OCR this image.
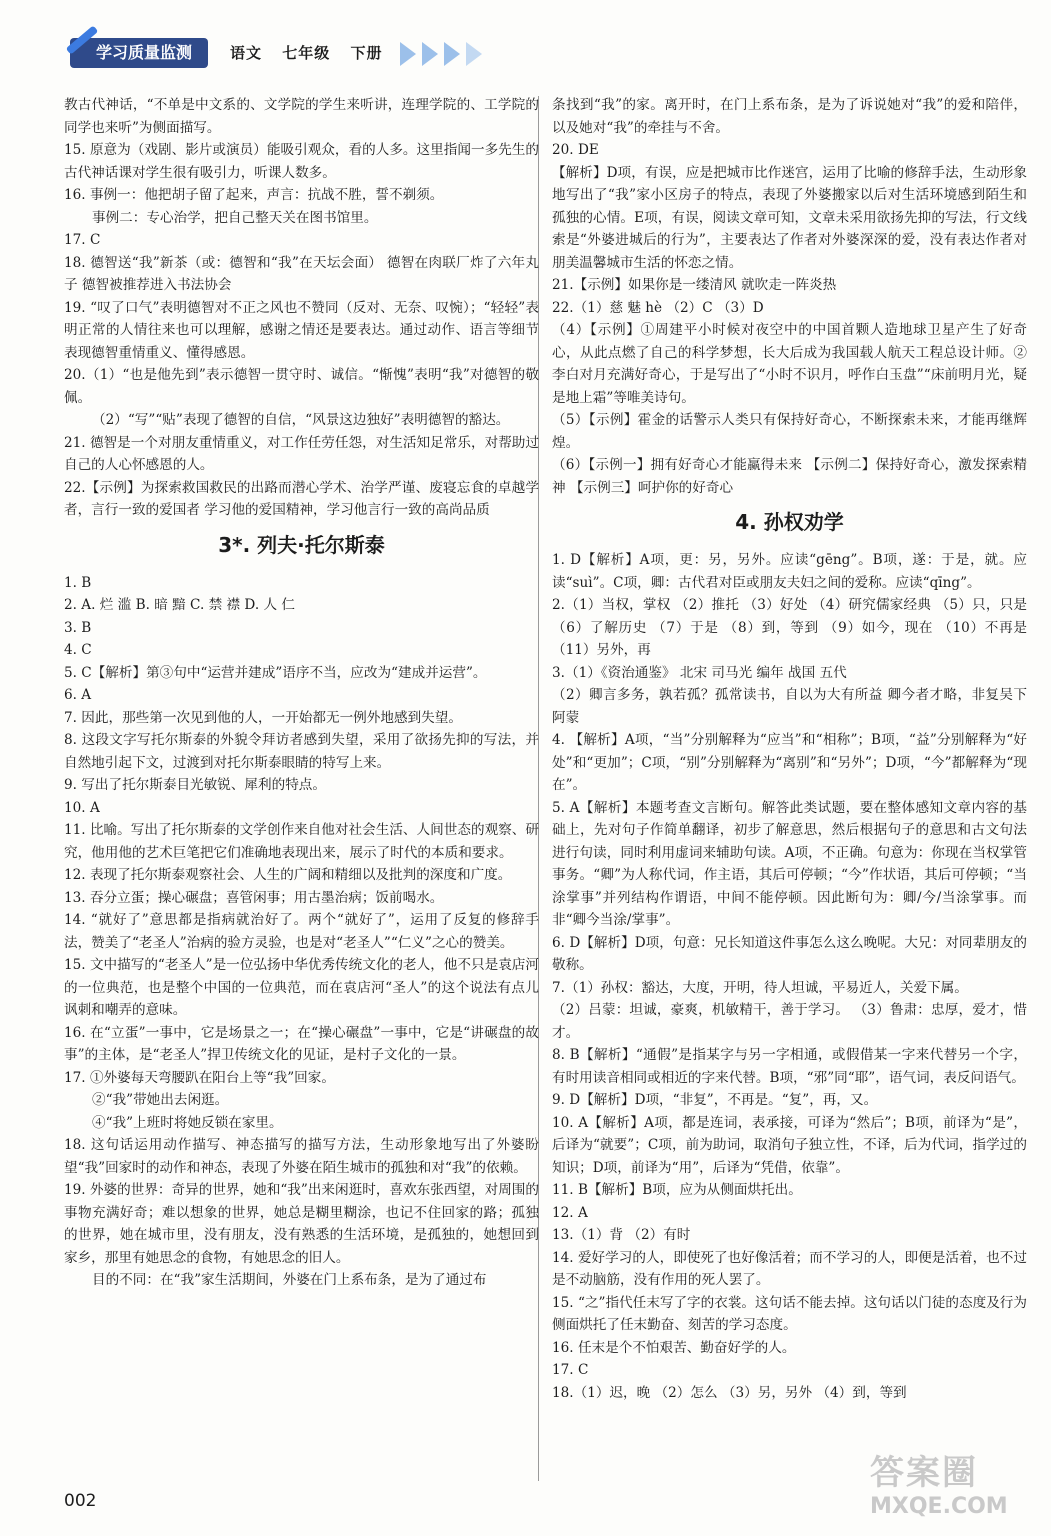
学习质量监测	语文 七年级 下册

教古代神话，“不单是中文系的、文学院的学生来听讲，连理学院的、工学院的同学也来听”为侧面描写。

15. 原意为（戏剧、影片或演员）能吸引观众，看的人多。这里指闻一多先生的古代神话课对学生很有吸引力，听课人数多。

16. 事例一：他把胡子留了起来，声言：抗战不胜，誓不剃须。

事例二：专心治学，把自己整天关在图书馆里。

17. C

18. 德智送“我”新茶（或：德智和“我”在天坛会面） 德智在肉联厂炸了六年丸子 德智被推荐进入书法协会

19. “叹了口气”表明德智对不正之风也不赞同（反对、无奈、叹惋）；“轻轻”表明正常的人情往来也可以理解，感谢之情还是要表达。通过动作、语言等细节表现德智重情重义、懂得感恩。

20.（1）“也是他先到”表示德智一贯守时、诚信。“惭愧”表明“我”对德智的敬佩。

（2）“写”“贴”表现了德智的自信，“风景这边独好”表明德智的豁达。

21. 德智是一个对朋友重情重义，对工作任劳任怨，对生活知足常乐，对帮助过自己的人心怀感恩的人。

22.【示例】为探索救国救民的出路而潜心学术、治学严谨、废寝忘食的卓越学者，言行一致的爱国者 学习他的爱国精神，学习他言行一致的高尚品质

3*. 列夫·托尔斯泰

1. B

2. A. 烂 滥 B. 暗 黯 C. 禁 襟 D. 人 仁

3. B

4. C

5. C【解析】第③句中“运营并建成”语序不当，应改为“建成并运营”。

6. A

7. 因此，那些第一次见到他的人，一开始都无一例外地感到失望。

8. 这段文字写托尔斯泰的外貌令拜访者感到失望，采用了欲扬先抑的写法，并自然地引起下文，过渡到对托尔斯泰眼睛的特写上来。

9. 写出了托尔斯泰目光敏锐、犀利的特点。

10. A

11. 比喻。写出了托尔斯泰的文学创作来自他对社会生活、人间世态的观察、研究，他用他的艺术巨笔把它们准确地表现出来，展示了时代的本质和要求。

12. 表现了托尔斯泰观察社会、人生的广阔和精细以及批判的深度和广度。

13. 吞分立蛋；操心碾盘；喜管闲事；用古墨治病；饭前喝水。

14. “就好了”意思都是指病就治好了。两个“就好了”，运用了反复的修辞手法，赞美了“老圣人”治病的验方灵验，也是对“老圣人”“仁义”之心的赞美。

15. 文中描写的“老圣人”是一位弘扬中华优秀传统文化的老人，他不只是袁店河的一位典范，也是整个中国的一位典范，而在袁店河“圣人”的这个说法有点儿讽刺和嘲弄的意味。

16. 在“立蛋”一事中，它是场景之一；在“操心碾盘”一事中，它是“讲碾盘的故事”的主体，是“老圣人”捍卫传统文化的见证，是村子文化的一景。

17. ①外婆每天弯腰趴在阳台上等“我”回家。

②“我”带她出去闲逛。

④“我”上班时将她反锁在家里。

18. 这句话运用动作描写、神态描写的描写方法，生动形象地写出了外婆盼望“我”回家时的动作和神态，表现了外婆在陌生城市的孤独和对“我”的依赖。

19. 外婆的世界：奇异的世界，她和“我”出来闲逛时，喜欢东张西望，对周围的事物充满好奇；难以想象的世界，她总是糊里糊涂，也记不住回家的路；孤独的世界，她在城市里，没有朋友，没有熟悉的生活环境，是孤独的，她想回到家乡，那里有她思念的食物，有她思念的旧人。

目的不同：在“我”家生活期间，外婆在门上系布条，是为了通过布

条找到“我”的家。离开时，在门上系布条，是为了诉说她对“我”的爱和陪伴，以及她对“我”的牵挂与不舍。

20. DE

【解析】D项，有误，应是把城市比作迷宫，运用了比喻的修辞手法，生动形象地写出了“我”家小区房子的特点，表现了外婆搬家以后对生活环境感到陌生和孤独的心情。E项，有误，阅读文章可知，文章未采用欲扬先抑的写法，行文线索是“外婆进城后的行为”，主要表达了作者对外婆深深的爱，没有表达作者对朋美温馨城市生活的怀恋之情。

21.【示例】如果你是一缕清风 就吹走一阵炎热

22.（1）慈 魅 hè （2）C （3）D

（4）【示例】①周建平小时候对夜空中的中国首颗人造地球卫星产生了好奇心，从此点燃了自己的科学梦想，长大后成为我国载人航天工程总设计师。②李白对月充满好奇心，于是写出了“小时不识月，呼作白玉盘”“床前明月光，疑是地上霜”等唯美诗句。

（5）【示例】霍金的话警示人类只有保持好奇心，不断探索未来，才能再继辉煌。

（6）【示例一】拥有好奇心才能赢得未来 【示例二】保持好奇心，激发探索精神 【示例三】呵护你的好奇心

4. 孙权劝学

1. D【解析】A项，更：另，另外。应读“gēng”。B项，遂：于是，就。应读“suì”。C项，卿：古代君对臣或朋友夫妇之间的爱称。应读“qīng”。

2.（1）当权，掌权 （2）推托 （3）好处 （4）研究儒家经典 （5）只，只是 （6）了解历史 （7）于是 （8）到，等到 （9）如今，现在 （10）不再是 （11）另外，再

3.（1）《资治通鉴》 北宋 司马光 编年 战国 五代

（2）卿言多务，孰若孤？孤常读书，自以为大有所益 卿今者才略，非复吴下阿蒙

4. 【解析】A项，“当”分别解释为“应当”和“相称”；B项，“益”分别解释为“好处”和“更加”；C项，“别”分别解释为“离别”和“另外”；D项，“今”都解释为“现在”。

5. A【解析】本题考查文言断句。解答此类试题，要在整体感知文章内容的基础上，先对句子作简单翻译，初步了解意思，然后根据句子的意思和古文句法进行句读，同时利用虚词来辅助句读。A项，不正确。句意为：你现在当权掌管事务。“卿”为人称代词，作主语，其后可停顿；“今”作状语，其后可停顿；“当涂掌事”并列结构作谓语，中间不能停顿。因此断句为：卿/今/当涂掌事。而非“卿今当涂/掌事”。

6. D【解析】D项，句意：兄长知道这件事怎么这么晚呢。大兄：对同辈朋友的敬称。

7.（1）孙权：豁达，大度，开明，待人坦诚，平易近人，关爱下属。

（2）吕蒙：坦诚，豪爽，机敏精干，善于学习。 （3）鲁肃：忠厚，爱才，惜才。

8. B【解析】“通假”是指某字与另一字相通，或假借某一字来代替另一个字，有时用读音相同或相近的字来代替。B项，“邪”同“耶”，语气词，表反问语气。

9. D【解析】D项，“非复”，不再是。“复”，再，又。

10. A【解析】A项，都是连词，表承接，可译为“然后”；B项，前译为“是”，后译为“就要”；C项，前为助词，取消句子独立性，不译，后为代词，指学过的知识；D项，前译为“用”，后译为“凭借，依靠”。

11. B【解析】B项，应为从侧面烘托出。

12. A

13.（1）背 （2）有时

14. 爱好学习的人，即使死了也好像活着；而不学习的人，即便是活着，也不过是不动脑筋，没有作用的死人罢了。

15. “之”指代任末写了字的衣裳。这句话不能去掉。这句话以门徒的态度及行为侧面烘托了任末勤奋、刻苦的学习态度。

16. 任末是个不怕艰苦、勤奋好学的人。

17. C

18.（1）迟，晚 （2）怎么 （3）另，另外 （4）到，等到

002
答案圈
MXQE.COM
